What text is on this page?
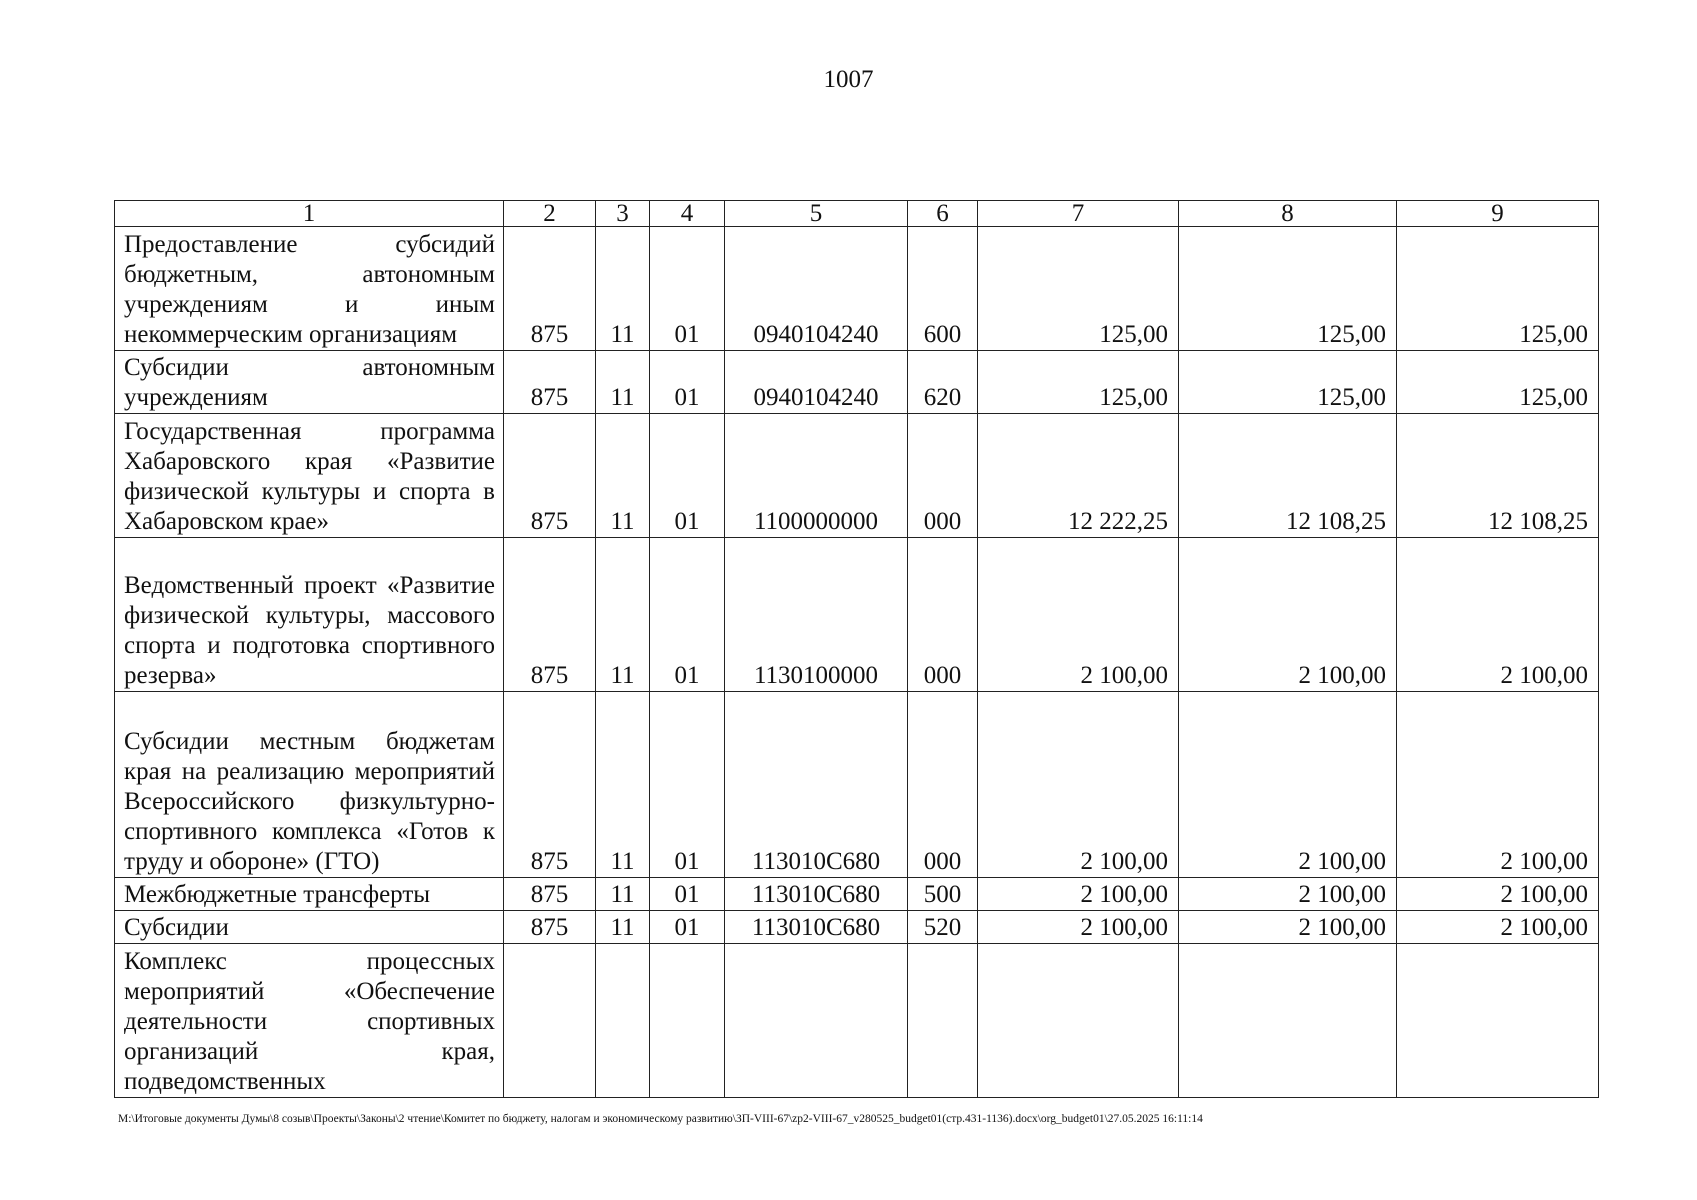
1007
1	2	3	4	5	6	7	8	9
Предоставление субсидий бюджетным, автономным учреждениям и иным некоммерческим организациям	875	11	01	0940104240	600	125,00	125,00	125,00
Субсидии автономным учреждениям	875	11	01	0940104240	620	125,00	125,00	125,00
Государственная программа Хабаровского края «Развитие физической культуры и спорта в Хабаровском крае»	875	11	01	1100000000	000	12 222,25	12 108,25	12 108,25
Ведомственный проект «Развитие физической культуры, массового спорта и подготовка спортивного резерва»	875	11	01	1130100000	000	2 100,00	2 100,00	2 100,00
Субсидии местным бюджетам края на реализацию мероприятий Всероссийского физкультурно-спортивного комплекса «Готов к труду и обороне» (ГТО)	875	11	01	113010С680	000	2 100,00	2 100,00	2 100,00
Межбюджетные трансферты	875	11	01	113010С680	500	2 100,00	2 100,00	2 100,00
Субсидии	875	11	01	113010С680	520	2 100,00	2 100,00	2 100,00
Комплекс процессных мероприятий «Обеспечение деятельности спортивных организаций края, подведомственных								
M:\Итоговые документы Думы\8 созыв\Проекты\Законы\2 чтение\Комитет по бюджету, налогам и экономическому развитию\ЗП-VIII-67\zp2-VIII-67_v280525_budget01(стр.431-1136).docx\org_budget01\27.05.2025 16:11:14
